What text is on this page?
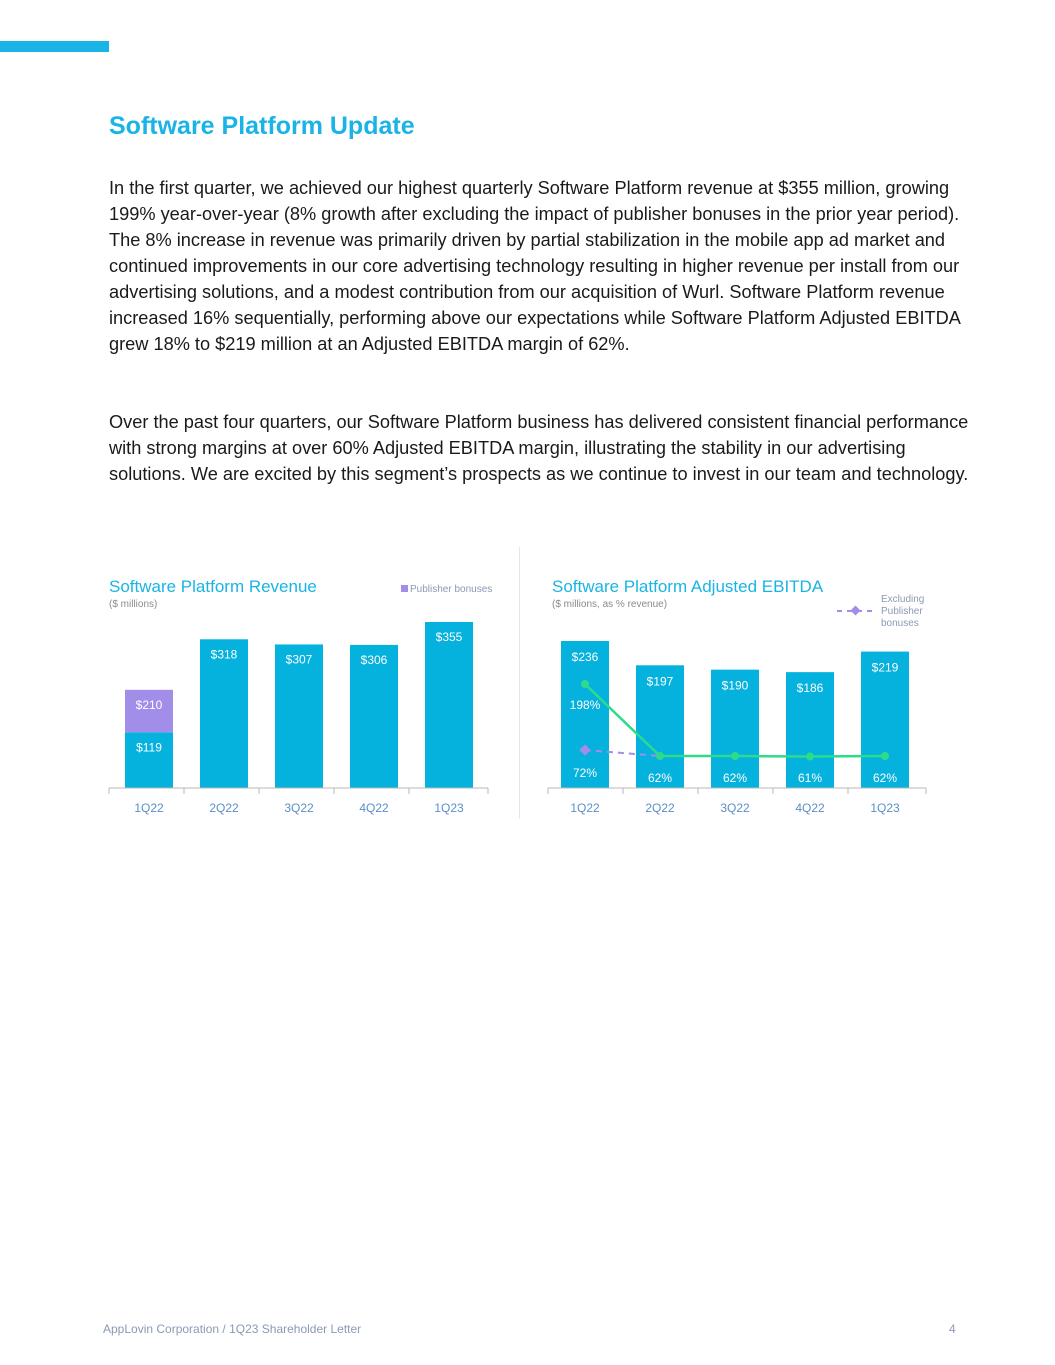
Software Platform Update

In the first quarter, we achieved our highest quarterly Software Platform revenue at $355 million, growing 199% year-over-year (8% growth after excluding the impact of publisher bonuses in the prior year period). The 8% increase in revenue was primarily driven by partial stabilization in the mobile app ad market and continued improvements in our core advertising technology resulting in higher revenue per install from our advertising solutions, and a modest contribution from our acquisition of Wurl. Software Platform revenue increased 16% sequentially, performing above our expectations while Software Platform Adjusted EBITDA grew 18% to $219 million at an Adjusted EBITDA margin of 62%.

Over the past four quarters, our Software Platform business has delivered consistent financial performance with strong margins at over 60% Adjusted EBITDA margin, illustrating the stability in our advertising solutions. We are excited by this segment’s prospects as we continue to invest in our team and technology.

Software Platform Revenue
($ millions)
Publisher bonuses
$210
$318	$307	$306
$355
$119
1Q22	2Q22	3Q22	4Q22	1Q23
Software Platform Adjusted EBITDA
($ millions, as % revenue)	Excluding Publisher bonuses
$236
$197	$190	$186
$219
198%
72%	62%	62%	61%	62%
1Q22	2Q22	3Q22	4Q22	1Q23
AppLovin Corporation / 1Q23 Shareholder Letter	4
